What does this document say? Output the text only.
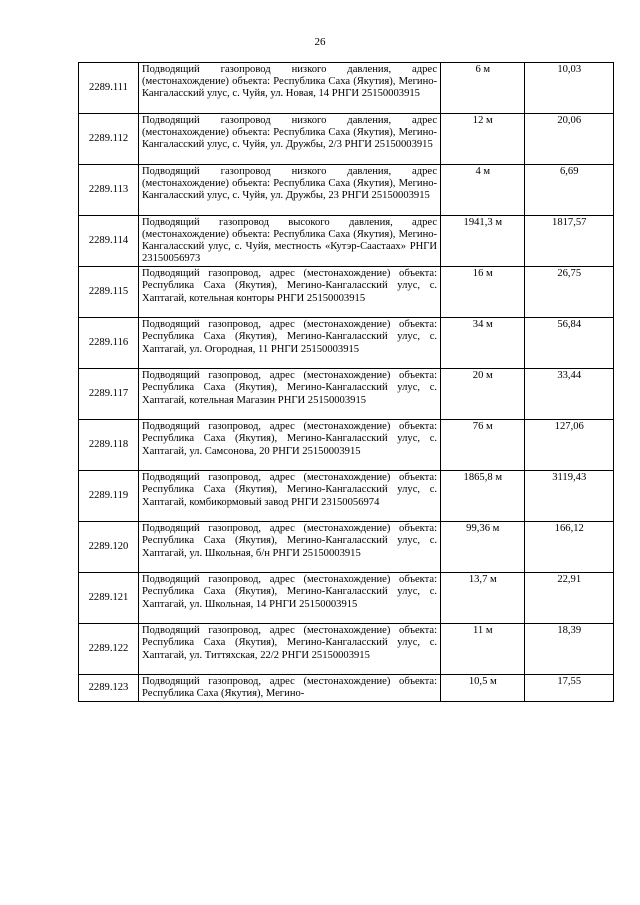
26
2289.111	Подводящий газопровод низкого давления, адрес (местонахождение) объекта: Республика Саха (Якутия), Мегино-Кангаласский улус, с. Чуйя, ул. Новая, 14 РНГИ 25150003915	6 м	10,03
2289.112	Подводящий газопровод низкого давления, адрес (местонахождение) объекта: Республика Саха (Якутия), Мегино-Кангаласский улус, с. Чуйя, ул. Дружбы, 2/3 РНГИ 25150003915	12 м	20,06
2289.113	Подводящий газопровод низкого давления, адрес (местонахождение) объекта: Республика Саха (Якутия), Мегино-Кангаласский улус, с. Чуйя, ул. Дружбы, 23 РНГИ 25150003915	4 м	6,69
2289.114	Подводящий газопровод высокого давления, адрес (местонахождение) объекта: Республика Саха (Якутия), Мегино-Кангаласский улус, с. Чуйя, местность «Кутэр-Саастаах» РНГИ 23150056973	1941,3 м	1817,57
2289.115	Подводящий газопровод, адрес (местонахождение) объекта: Республика Саха (Якутия), Мегино-Кангаласский улус, с. Хаптагай, котельная конторы РНГИ 25150003915	16 м	26,75
2289.116	Подводящий газопровод, адрес (местонахождение) объекта: Республика Саха (Якутия), Мегино-Кангаласский улус, с. Хаптагай, ул. Огородная, 11 РНГИ 25150003915	34 м	56,84
2289.117	Подводящий газопровод, адрес (местонахождение) объекта: Республика Саха (Якутия), Мегино-Кангаласский улус, с. Хаптагай, котельная Магазин РНГИ 25150003915	20 м	33,44
2289.118	Подводящий газопровод, адрес (местонахождение) объекта: Республика Саха (Якутия), Мегино-Кангаласский улус, с. Хаптагай, ул. Самсонова, 20 РНГИ 25150003915	76 м	127,06
2289.119	Подводящий газопровод, адрес (местонахождение) объекта: Республика Саха (Якутия), Мегино-Кангаласский улус, с. Хаптагай, комбикормовый завод РНГИ 23150056974	1865,8 м	3119,43
2289.120	Подводящий газопровод, адрес (местонахождение) объекта: Республика Саха (Якутия), Мегино-Кангаласский улус, с. Хаптагай, ул. Школьная, б/н РНГИ 25150003915	99,36 м	166,12
2289.121	Подводящий газопровод, адрес (местонахождение) объекта: Республика Саха (Якутия), Мегино-Кангаласский улус, с. Хаптагай, ул. Школьная, 14 РНГИ 25150003915	13,7 м	22,91
2289.122	Подводящий газопровод, адрес (местонахождение) объекта: Республика Саха (Якутия), Мегино-Кангаласский улус, с. Хаптагай, ул. Титтяхская, 22/2 РНГИ 25150003915	11 м	18,39
2289.123	Подводящий газопровод, адрес (местонахождение) объекта: Республика Саха (Якутия), Мегино-	10,5 м	17,55
